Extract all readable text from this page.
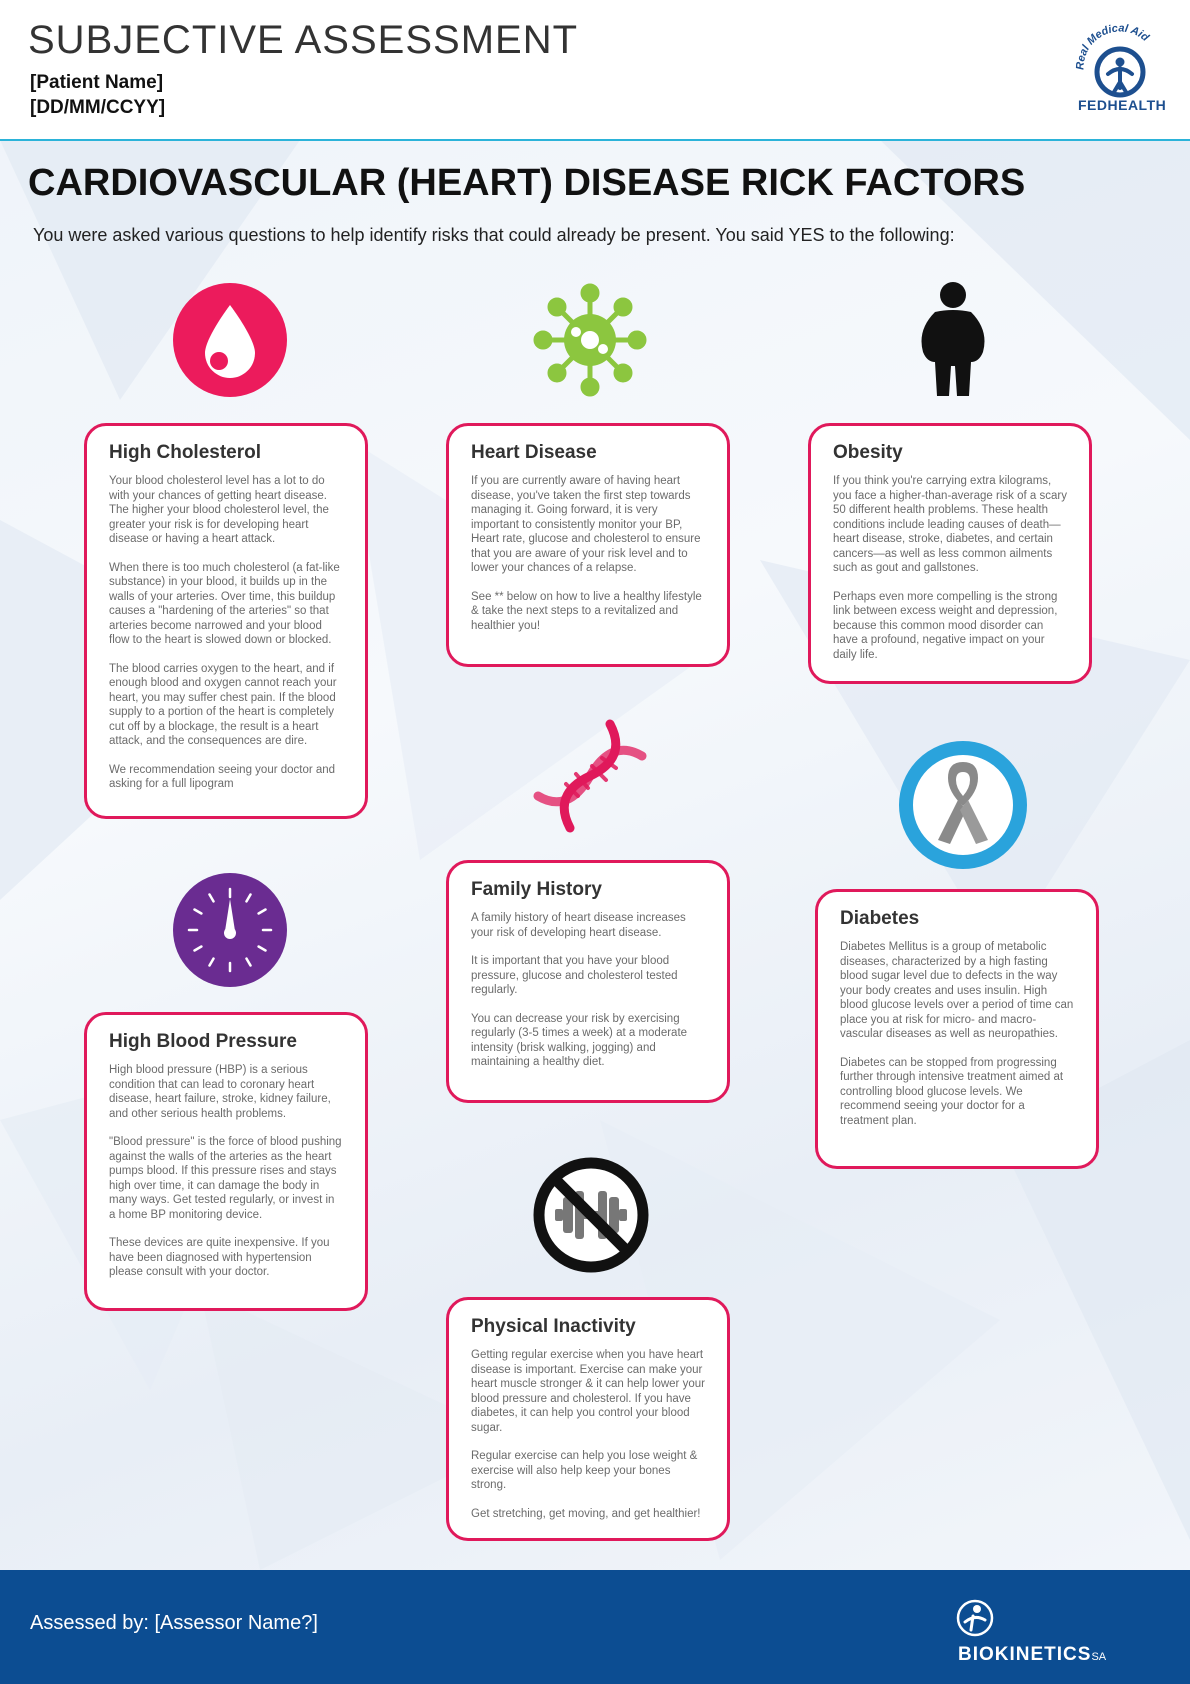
SUBJECTIVE ASSESSMENT
[Patient Name]
[DD/MM/CCYY]
Real Medical Aid
FEDHEALTH
CARDIOVASCULAR (HEART) DISEASE RICK FACTORS
You were asked various questions to help identify risks that could already be present. You said YES to the following:
High Cholesterol

Your blood cholesterol level has a lot to do with your chances of getting heart disease. The higher your blood cholesterol level, the greater your risk is for developing heart disease or having a heart attack.

When there is too much cholesterol (a fat-like substance) in your blood, it builds up in the walls of your arteries. Over time, this buildup causes a "hardening of the arteries" so that arteries become narrowed and your blood flow to the heart is slowed down or blocked.

The blood carries oxygen to the heart, and if enough blood and oxygen cannot reach your heart, you may suffer chest pain. If the blood supply to a portion of the heart is completely cut off by a blockage, the result is a heart attack, and the consequences are dire.

We recommendation seeing your doctor and asking for a full lipogram

Heart Disease

If you are currently aware of having heart disease, you've taken the first step towards managing it. Going forward, it is very important to consistently monitor your BP, Heart rate, glucose and cholesterol to ensure that you are aware of your risk level and to lower your chances of a relapse.

See ** below on how to live a healthy lifestyle & take the next steps to a revitalized and healthier you!

Obesity

If you think you're carrying extra kilograms, you face a higher-than-average risk of a scary 50 different health problems. These health conditions include leading causes of death—heart disease, stroke, diabetes, and certain cancers—as well as less common ailments such as gout and gallstones.

Perhaps even more compelling is the strong link between excess weight and depression, because this common mood disorder can have a profound, negative impact on your daily life.

Family History

A family history of heart disease increases your risk of developing heart disease.

It is important that you have your blood pressure, glucose and cholesterol tested regularly.

You can decrease your risk by exercising regularly (3-5 times a week) at a moderate intensity (brisk walking, jogging) and maintaining a healthy diet.

Diabetes

Diabetes Mellitus is a group of metabolic diseases, characterized by a high fasting blood sugar level due to defects in the way your body creates and uses insulin. High blood glucose levels over a period of time can place you at risk for micro- and macro-vascular diseases as well as neuropathies.

Diabetes can be stopped from progressing further through intensive treatment aimed at controlling blood glucose levels. We recommend seeing your doctor for a treatment plan.

High Blood Pressure

High blood pressure (HBP) is a serious condition that can lead to coronary heart disease, heart failure, stroke, kidney failure, and other serious health problems.

"Blood pressure" is the force of blood pushing against the walls of the arteries as the heart pumps blood. If this pressure rises and stays high over time, it can damage the body in many ways. Get tested regularly, or invest in a home BP monitoring device.

These devices are quite inexpensive. If you have been diagnosed with hypertension please consult with your doctor.

Physical Inactivity

Getting regular exercise when you have heart disease is important. Exercise can make your heart muscle stronger & it can help lower your blood pressure and cholesterol. If you have diabetes, it can help you control your blood sugar.

Regular exercise can help you lose weight & exercise will also help keep your bones strong.

Get stretching, get moving, and get healthier!

Assessed by: [Assessor Name?]
BIOKINETICSSA
